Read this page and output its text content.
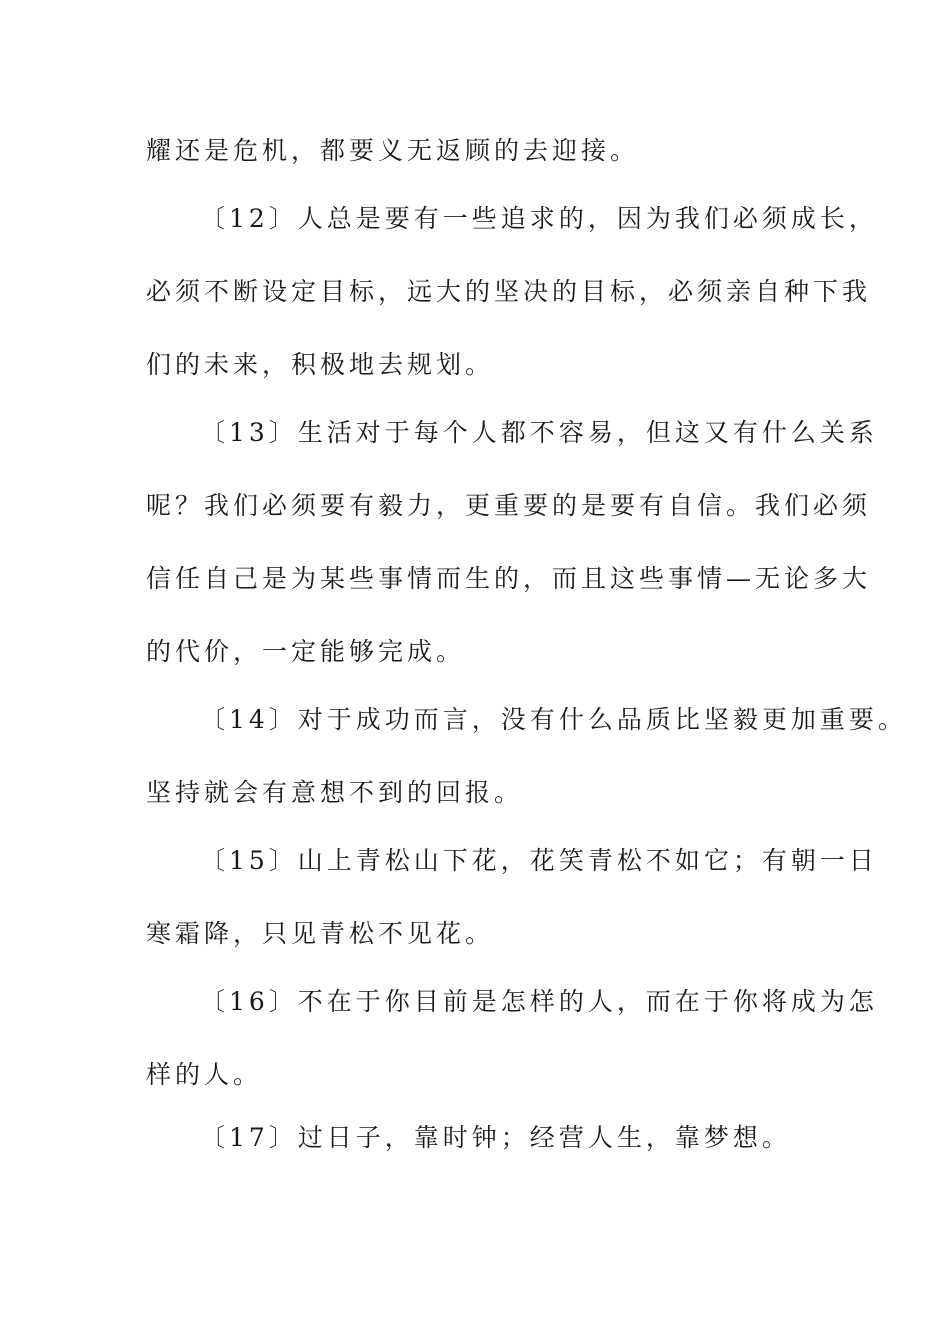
耀还是危机，都要义无返顾的去迎接。
〔12〕人总是要有一些追求的，因为我们必须成长，
必须不断设定目标，远大的坚决的目标，必须亲自种下我
们的未来，积极地去规划。
〔13〕生活对于每个人都不容易，但这又有什么关系
呢？我们必须要有毅力，更重要的是要有自信。我们必须
信任自己是为某些事情而生的，而且这些事情—无论多大
的代价，一定能够完成。
〔14〕对于成功而言，没有什么品质比坚毅更加重要。
坚持就会有意想不到的回报。
〔15〕山上青松山下花，花笑青松不如它；有朝一日
寒霜降，只见青松不见花。
〔16〕不在于你目前是怎样的人，而在于你将成为怎
样的人。
〔17〕过日子，靠时钟；经营人生，靠梦想。
